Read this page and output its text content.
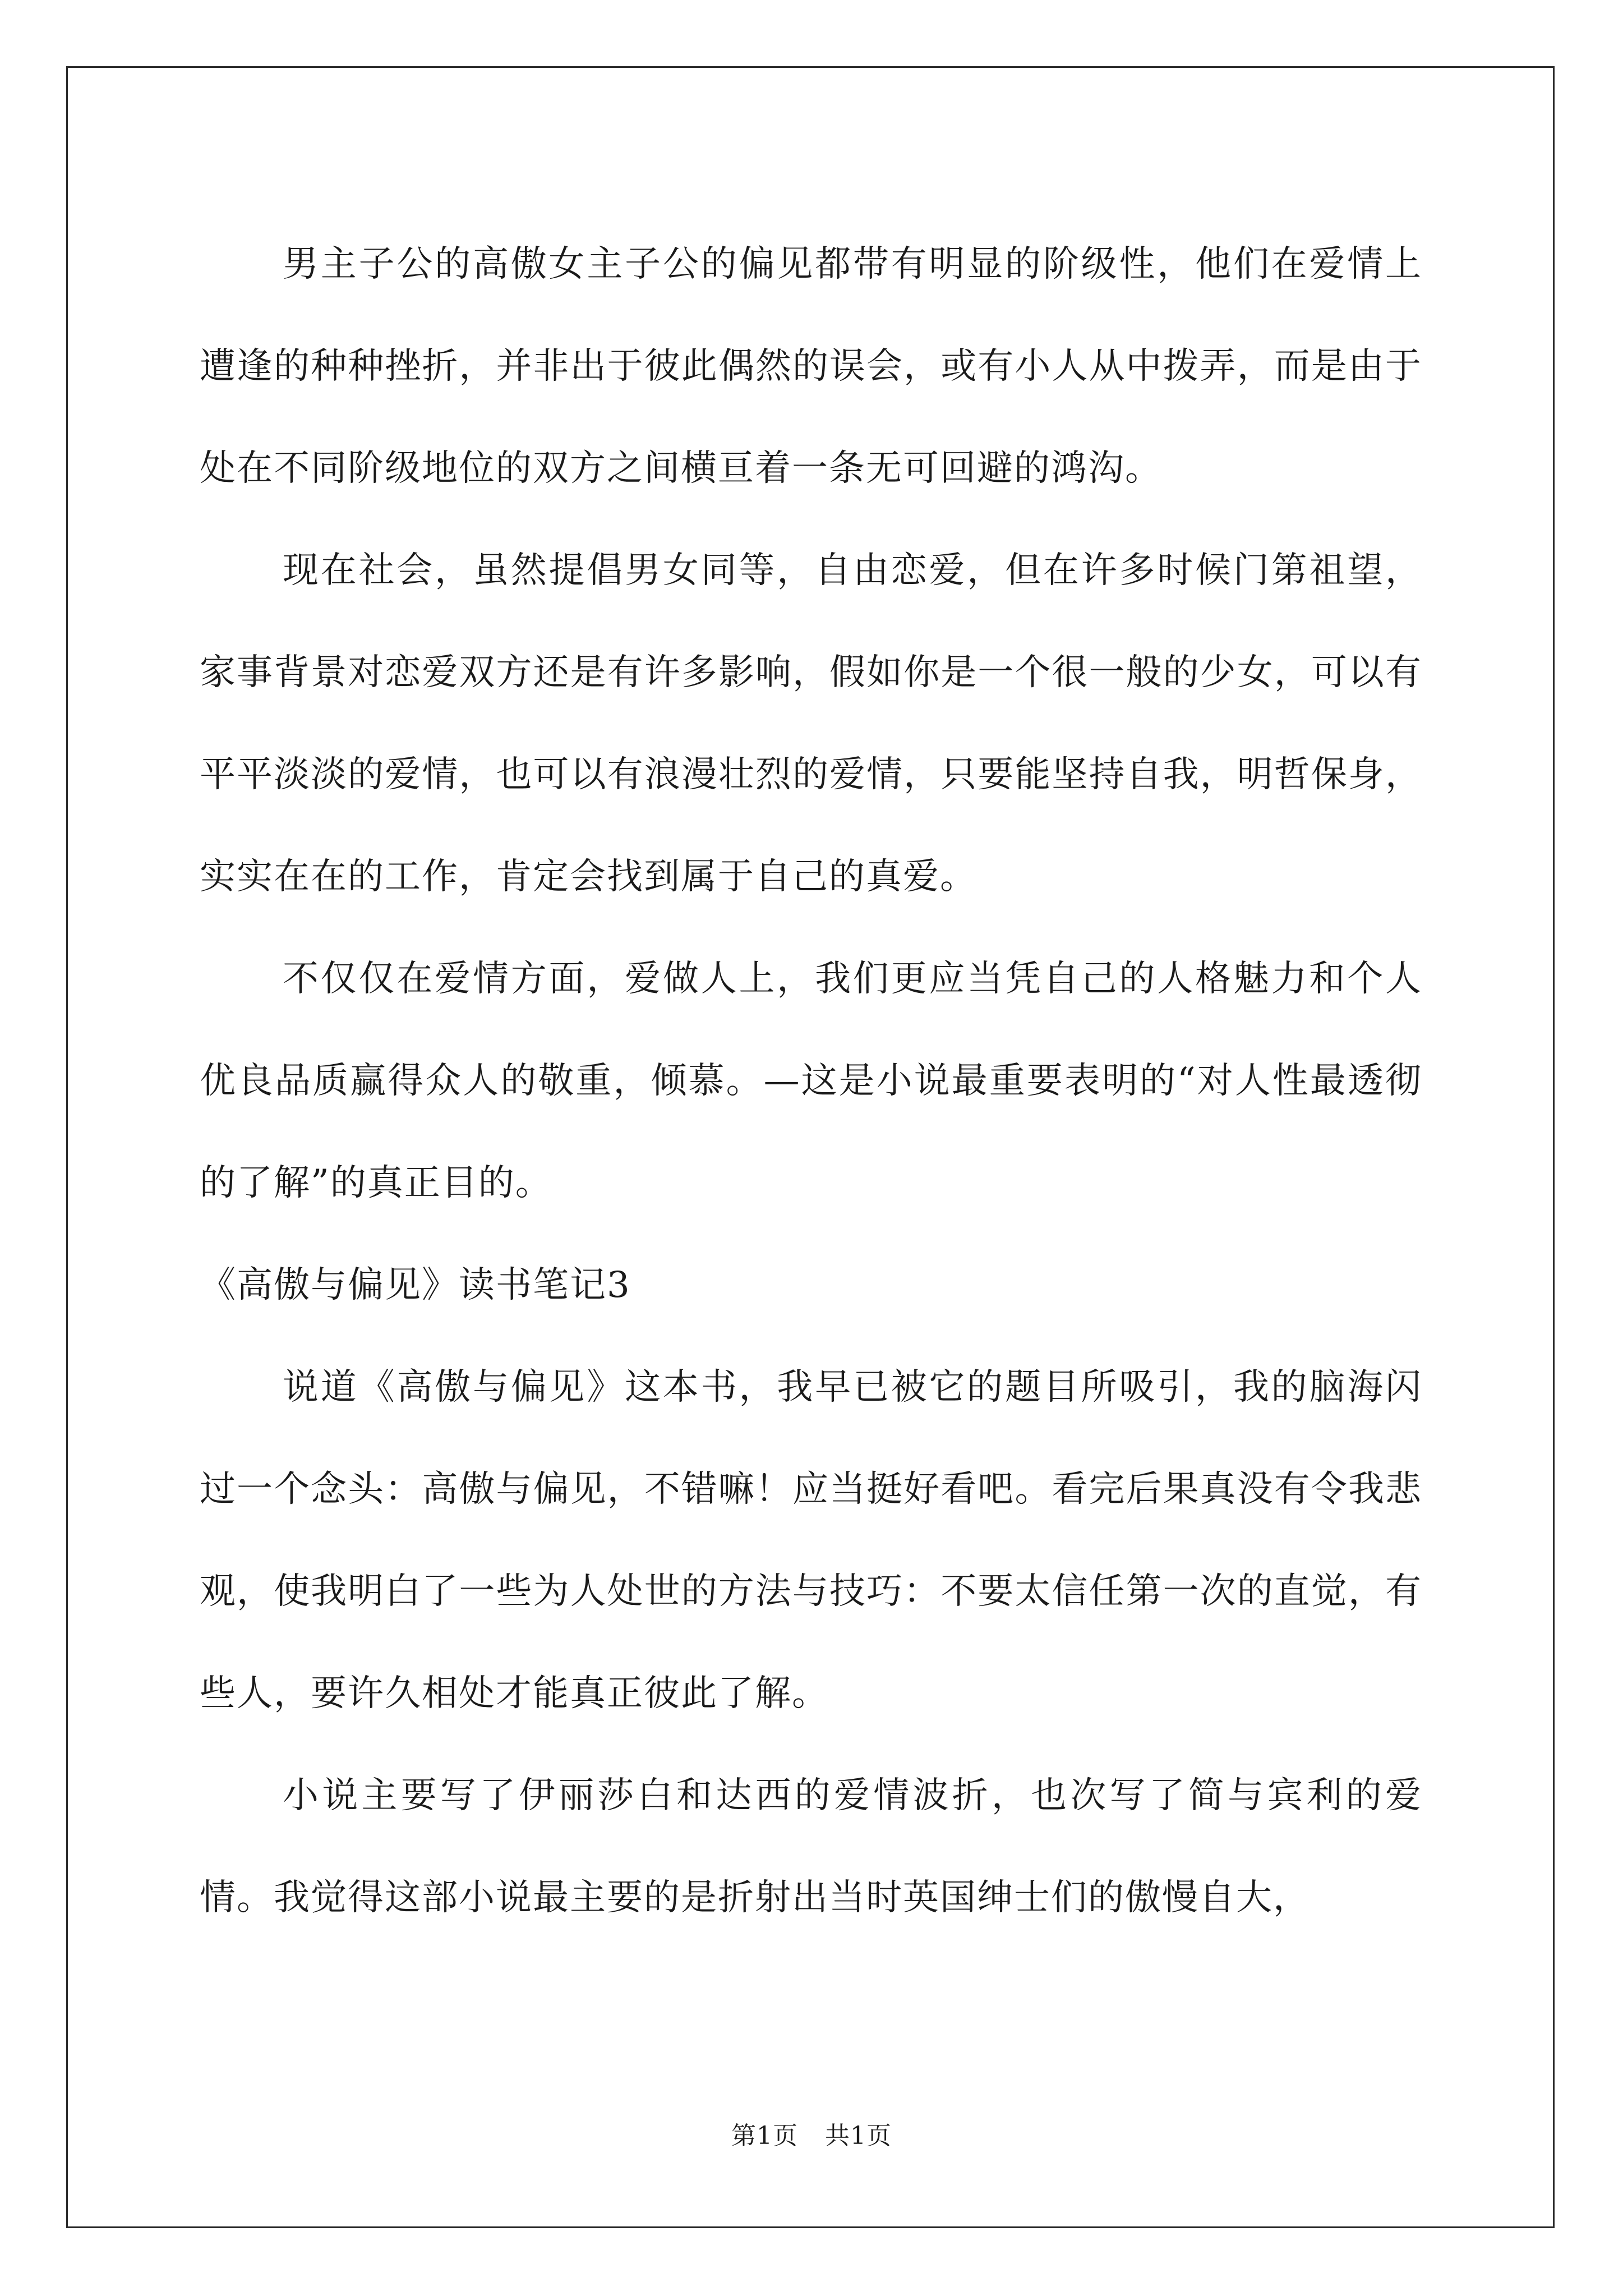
男主子公的高傲女主子公的偏见都带有明显的阶级性，他们在爱情上遭逢的种种挫折，并非出于彼此偶然的误会，或有小人从中拨弄，而是由于处在不同阶级地位的双方之间横亘着一条无可回避的鸿沟。

现在社会，虽然提倡男女同等，自由恋爱，但在许多时候门第祖望，家事背景对恋爱双方还是有许多影响，假如你是一个很一般的少女，可以有平平淡淡的爱情，也可以有浪漫壮烈的爱情，只要能坚持自我，明哲保身，实实在在的工作，肯定会找到属于自己的真爱。

不仅仅在爱情方面，爱做人上，我们更应当凭自己的人格魅力和个人优良品质赢得众人的敬重，倾慕。—这是小说最重要表明的“对人性最透彻的了解”的真正目的。

《高傲与偏见》读书笔记3

说道《高傲与偏见》这本书，我早已被它的题目所吸引，我的脑海闪过一个念头：高傲与偏见，不错嘛！应当挺好看吧。看完后果真没有令我悲观，使我明白了一些为人处世的方法与技巧：不要太信任第一次的直觉，有些人，要许久相处才能真正彼此了解。

小说主要写了伊丽莎白和达西的爱情波折，也次写了简与宾利的爱情。我觉得这部小说最主要的是折射出当时英国绅士们的傲慢自大，

第1页 共1页
